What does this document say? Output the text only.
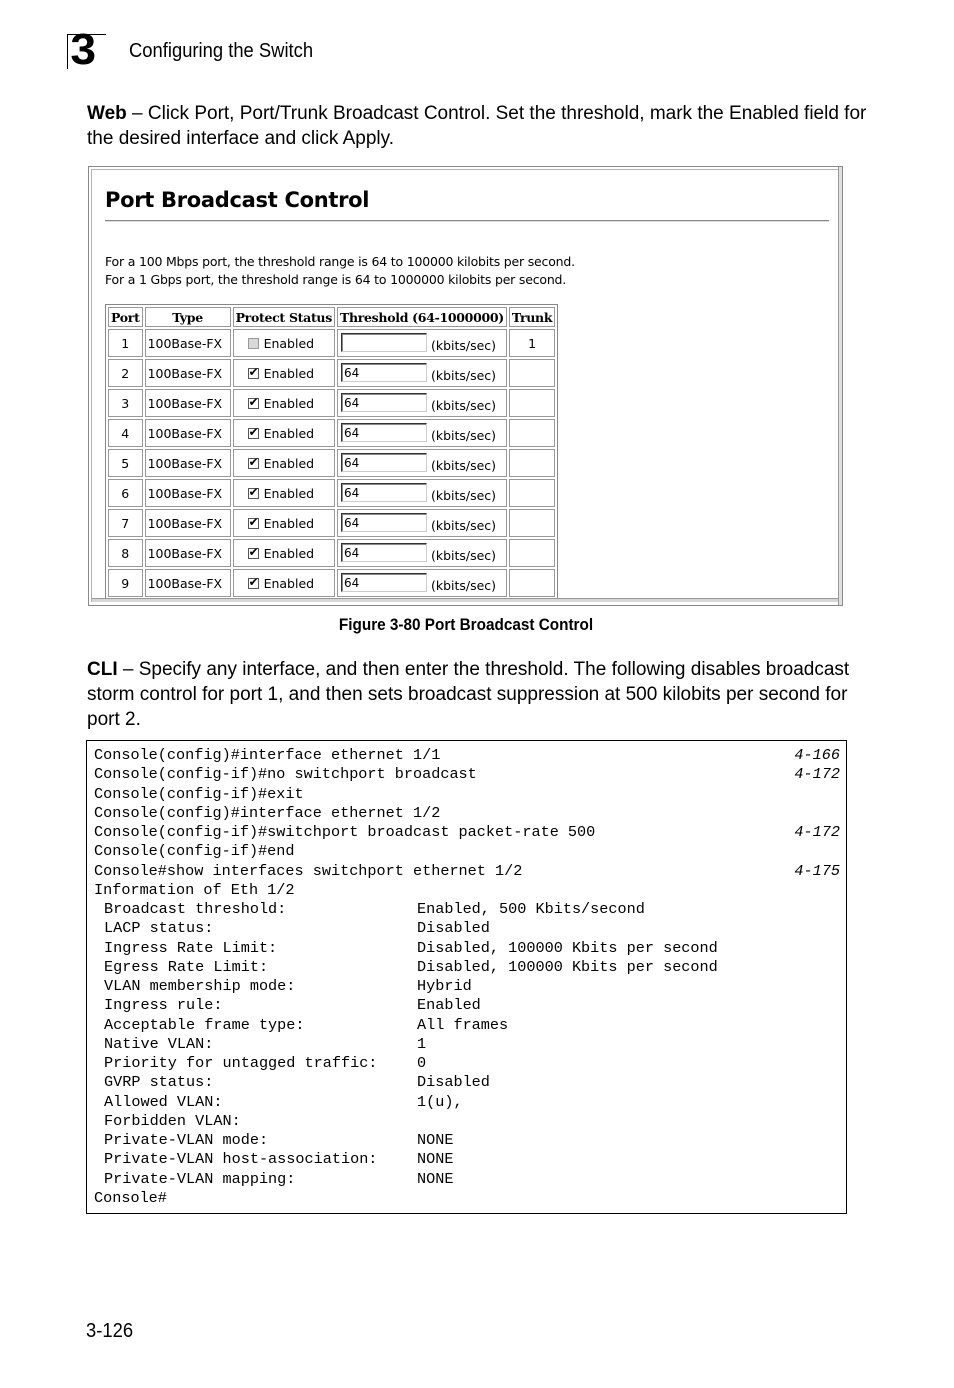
3 Configuring the Switch
Web – Click Port, Port/Trunk Broadcast Control. Set the threshold, mark the Enabled field for the desired interface and click Apply.
Port Broadcast Control
For a 100 Mbps port, the threshold range is 64 to 100000 kilobits per second.
For a 1 Gbps port, the threshold range is 64 to 1000000 kilobits per second.
Port	Type	Protect Status	Threshold (64-1000000)	Trunk
1	100Base-FX	Enabled	(kbits/sec)	1
2	100Base-FX	✔ Enabled	64 (kbits/sec)	
3	100Base-FX	✔ Enabled	64 (kbits/sec)	
4	100Base-FX	✔ Enabled	64 (kbits/sec)	
5	100Base-FX	✔ Enabled	64 (kbits/sec)	
6	100Base-FX	✔ Enabled	64 (kbits/sec)	
7	100Base-FX	✔ Enabled	64 (kbits/sec)	
8	100Base-FX	✔ Enabled	64 (kbits/sec)	
9	100Base-FX	✔ Enabled	64 (kbits/sec)	
Figure 3-80 Port Broadcast Control
CLI – Specify any interface, and then enter the threshold. The following disables broadcast storm control for port 1, and then sets broadcast suppression at 500 kilobits per second for port 2.
Console(config)#interface ethernet 1/1	4-166
Console(config-if)#no switchport broadcast	4-172
Console(config-if)#exit
Console(config)#interface ethernet 1/2
Console(config-if)#switchport broadcast packet-rate 500	4-172
Console(config-if)#end
Console#show interfaces switchport ethernet 1/2	4-175
Information of Eth 1/2
Broadcast threshold:	Enabled, 500 Kbits/second
LACP status:	Disabled
Ingress Rate Limit:	Disabled, 100000 Kbits per second
Egress Rate Limit:	Disabled, 100000 Kbits per second
VLAN membership mode:	Hybrid
Ingress rule:	Enabled
Acceptable frame type:	All frames
Native VLAN:	1
Priority for untagged traffic:	0
GVRP status:	Disabled
Allowed VLAN:	1(u),
Forbidden VLAN:
Private-VLAN mode:	NONE
Private-VLAN host-association:	NONE
Private-VLAN mapping:	NONE
Console#
3-126
